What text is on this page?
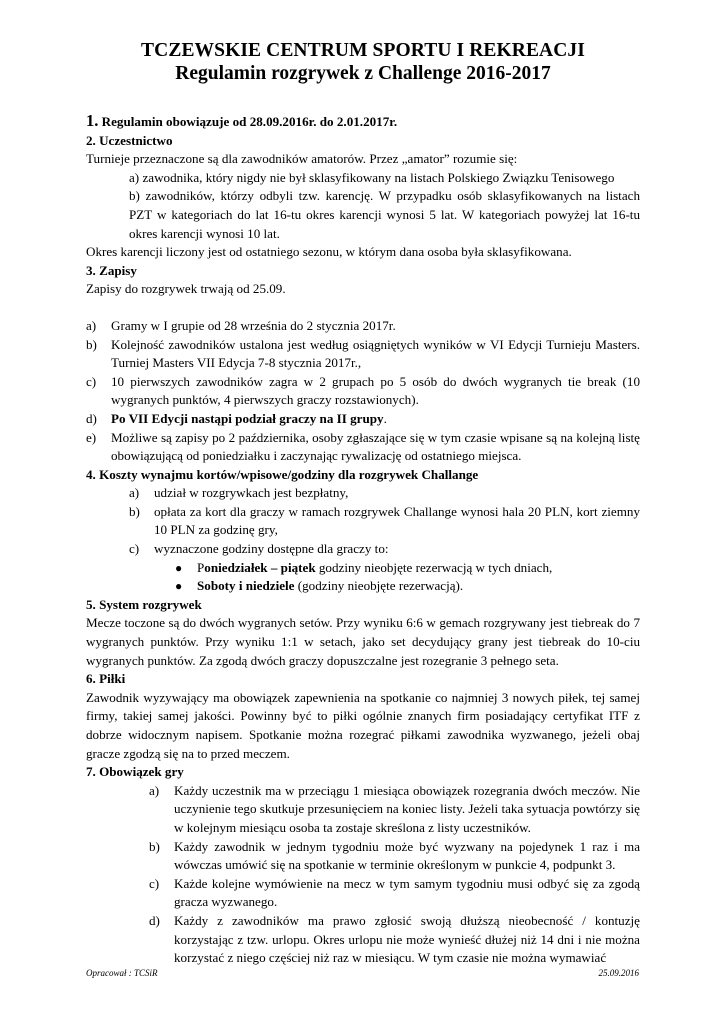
TCZEWSKIE CENTRUM SPORTU I REKREACJI

Regulamin rozgrywek z Challenge 2016-2017

1. Regulamin obowiązuje od 28.09.2016r. do 2.01.2017r.

2. Uczestnictwo

Turnieje przeznaczone są dla zawodników amatorów. Przez „amator” rozumie się:

a) zawodnika, który nigdy nie był sklasyfikowany na listach Polskiego Związku Tenisowego

b) zawodników, którzy odbyli tzw. karencję. W przypadku osób sklasyfikowanych na listach PZT w kategoriach do lat 16-tu okres karencji wynosi 5 lat. W kategoriach powyżej lat 16-tu okres karencji wynosi 10 lat.

Okres karencji liczony jest od ostatniego sezonu, w którym dana osoba była sklasyfikowana.

3. Zapisy

Zapisy do rozgrywek trwają od 25.09.

a) Gramy w I grupie od 28 września do 2 stycznia 2017r.
b) Kolejność zawodników ustalona jest według osiągniętych wyników w VI Edycji Turnieju Masters. Turniej Masters VII Edycja 7-8 stycznia 2017r.,
c) 10 pierwszych zawodników zagra w 2 grupach po 5 osób do dwóch wygranych tie break (10 wygranych punktów, 4 pierwszych graczy rozstawionych).
d) Po VII Edycji nastąpi podział graczy na II grupy.
e) Możliwe są zapisy po 2 października, osoby zgłaszające się w tym czasie wpisane są na kolejną listę obowiązującą od poniedziałku i zaczynając rywalizację od ostatniego miejsca.

4. Koszty wynajmu kortów/wpisowe/godziny dla rozgrywek Challange

a) udział w rozgrywkach jest bezpłatny,
b) opłata za kort dla graczy w ramach rozgrywek Challange wynosi hala 20 PLN, kort ziemny 10 PLN za godzinę gry,
c) wyznaczone godziny dostępne dla graczy to:
● Poniedziałek – piątek godziny nieobjęte rezerwacją w tych dniach,
● Soboty i niedziele (godziny nieobjęte rezerwacją).

5. System rozgrywek

Mecze toczone są do dwóch wygranych setów. Przy wyniku 6:6 w gemach rozgrywany jest tiebreak do 7 wygranych punktów. Przy wyniku 1:1 w setach, jako set decydujący grany jest tiebreak do 10-ciu wygranych punktów. Za zgodą dwóch graczy dopuszczalne jest rozegranie 3 pełnego seta.

6. Piłki

Zawodnik wyzywający ma obowiązek zapewnienia na spotkanie co najmniej 3 nowych piłek, tej samej firmy, takiej samej jakości. Powinny być to piłki ogólnie znanych firm posiadający certyfikat ITF z dobrze widocznym napisem. Spotkanie można rozegrać piłkami zawodnika wyzwanego, jeżeli obaj gracze zgodzą się na to przed meczem.

7. Obowiązek gry

a) Każdy uczestnik ma w przeciągu 1 miesiąca obowiązek rozegrania dwóch meczów. Nie uczynienie tego skutkuje przesunięciem na koniec listy. Jeżeli taka sytuacja powtórzy się w kolejnym miesiącu osoba ta zostaje skreślona z listy uczestników.
b) Każdy zawodnik w jednym tygodniu może być wyzwany na pojedynek 1 raz i ma wówczas umówić się na spotkanie w terminie określonym w punkcie 4, podpunkt 3.
c) Każde kolejne wymówienie na mecz w tym samym tygodniu musi odbyć się za zgodą gracza wyzwanego.
d) Każdy z zawodników ma prawo zgłosić swoją dłuższą nieobecność / kontuzję korzystając z tzw. urlopu. Okres urlopu nie może wynieść dłużej niż 14 dni i nie można korzystać z niego częściej niż raz w miesiącu. W tym czasie nie można wymawiać
Opracował : TCSiR	25.09.2016
